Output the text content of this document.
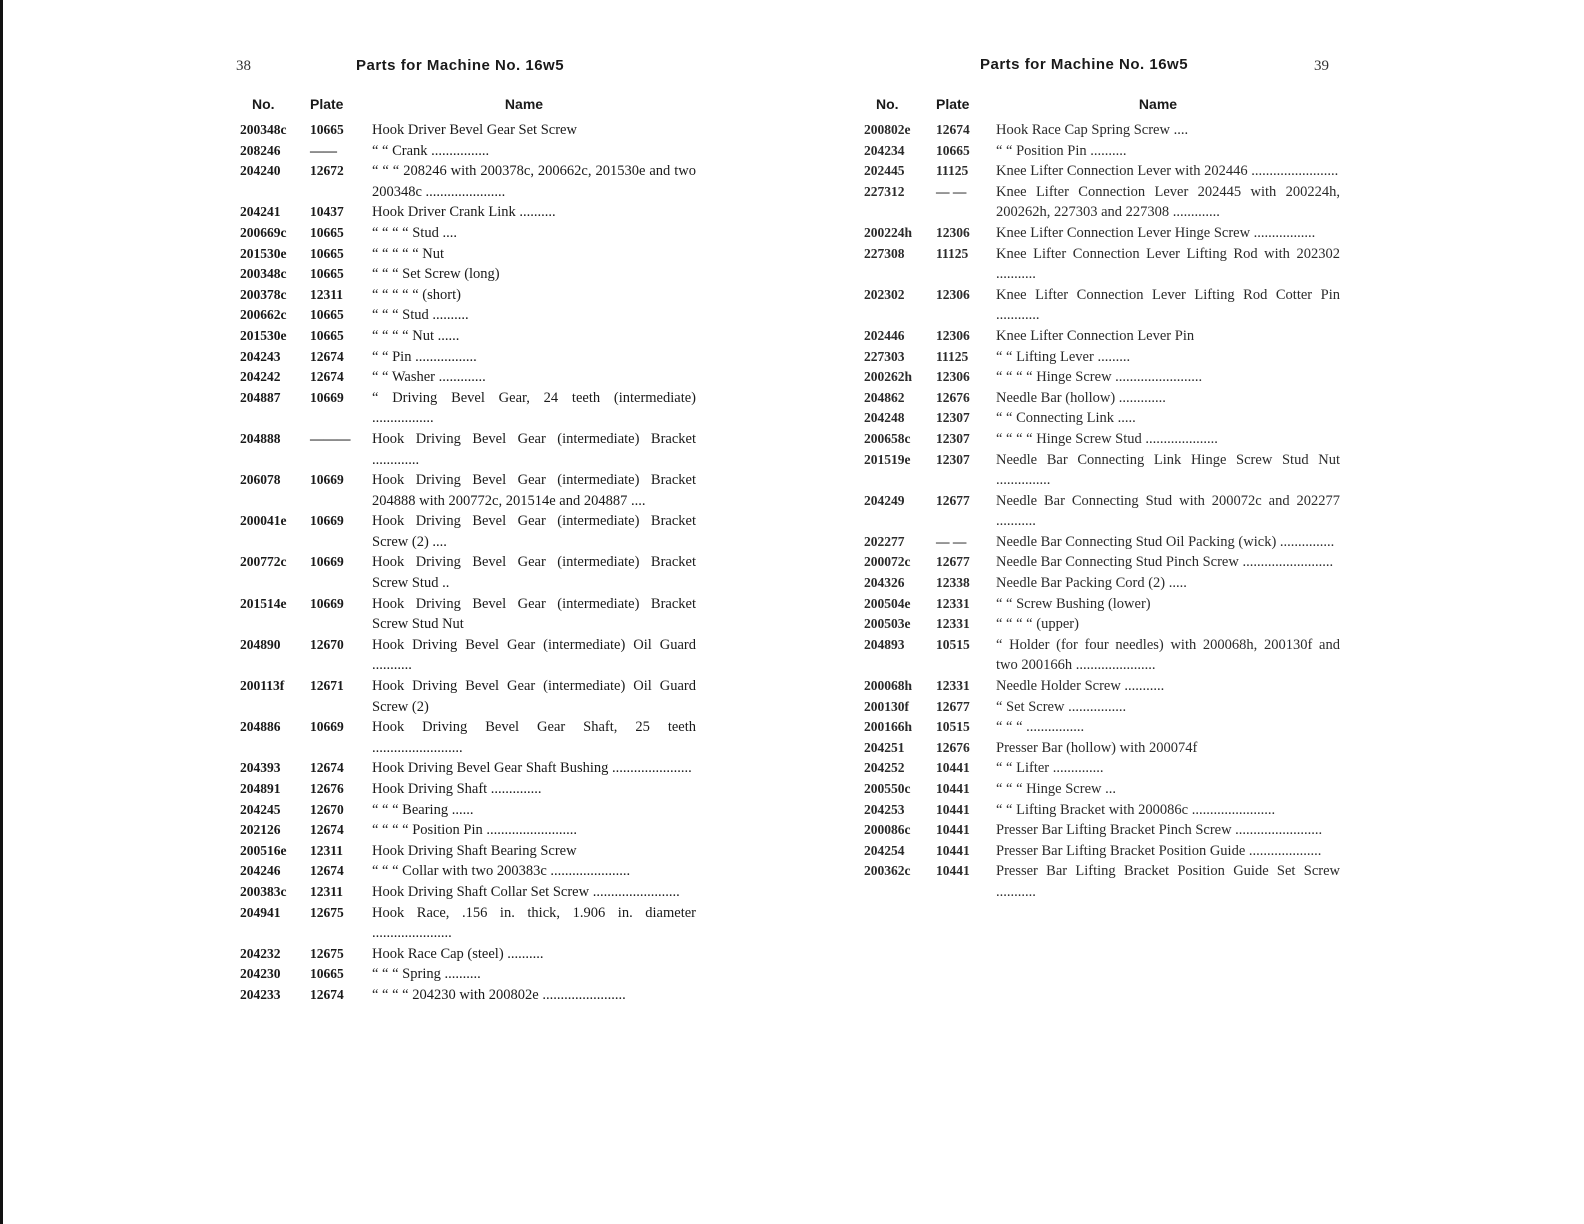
38	Parts for Machine No. 16w5
No.	Plate	Name
200348c	10665	Hook Driver Bevel Gear Set Screw
208246	——	“ “ Crank ................
204240	12672	“ “ “ 208246 with 200378c, 200662c, 201530e and two 200348c ......................
204241	10437	Hook Driver Crank Link ..........
200669c	10665	“ “ “ “ Stud ....
201530e	10665	“ “ “ “ “ Nut
200348c	10665	“ “ “ Set Screw (long)
200378c	12311	“ “ “ “ “ (short)
200662c	10665	“ “ “ Stud ..........
201530e	10665	“ “ “ “ Nut ......
204243	12674	“ “ Pin .................
204242	12674	“ “ Washer .............
204887	10669	“ Driving Bevel Gear, 24 teeth (intermediate) .................
204888	———	Hook Driving Bevel Gear (intermediate) Bracket .............
206078	10669	Hook Driving Bevel Gear (intermediate) Bracket 204888 with 200772c, 201514e and 204887 ....
200041e	10669	Hook Driving Bevel Gear (intermediate) Bracket Screw (2) ....
200772c	10669	Hook Driving Bevel Gear (intermediate) Bracket Screw Stud ..
201514e	10669	Hook Driving Bevel Gear (intermediate) Bracket Screw Stud Nut
204890	12670	Hook Driving Bevel Gear (intermediate) Oil Guard ...........
200113f	12671	Hook Driving Bevel Gear (intermediate) Oil Guard Screw (2)
204886	10669	Hook Driving Bevel Gear Shaft, 25 teeth .........................
204393	12674	Hook Driving Bevel Gear Shaft Bushing ......................
204891	12676	Hook Driving Shaft ..............
204245	12670	“ “ “ Bearing ......
202126	12674	“ “ “ “ Position Pin .........................
200516e	12311	Hook Driving Shaft Bearing Screw
204246	12674	“ “ “ Collar with two 200383c ......................
200383c	12311	Hook Driving Shaft Collar Set Screw ........................
204941	12675	Hook Race, .156 in. thick, 1.906 in. diameter ......................
204232	12675	Hook Race Cap (steel) ..........
204230	10665	“ “ “ Spring ..........
204233	12674	“ “ “ “ 204230 with 200802e .......................
Parts for Machine No. 16w5	39
No.	Plate	Name
200802e	12674	Hook Race Cap Spring Screw ....
204234	10665	“ “ Position Pin ..........
202445	11125	Knee Lifter Connection Lever with 202446 ........................
227312	— —	Knee Lifter Connection Lever 202445 with 200224h, 200262h, 227303 and 227308 .............
200224h	12306	Knee Lifter Connection Lever Hinge Screw .................
227308	11125	Knee Lifter Connection Lever Lifting Rod with 202302 ...........
202302	12306	Knee Lifter Connection Lever Lifting Rod Cotter Pin ............
202446	12306	Knee Lifter Connection Lever Pin
227303	11125	“ “ Lifting Lever .........
200262h	12306	“ “ “ “ Hinge Screw ........................
204862	12676	Needle Bar (hollow) .............
204248	12307	“ “ Connecting Link .....
200658c	12307	“ “ “ “ Hinge Screw Stud ....................
201519e	12307	Needle Bar Connecting Link Hinge Screw Stud Nut ...............
204249	12677	Needle Bar Connecting Stud with 200072c and 202277 ...........
202277	— —	Needle Bar Connecting Stud Oil Packing (wick) ...............
200072c	12677	Needle Bar Connecting Stud Pinch Screw .........................
204326	12338	Needle Bar Packing Cord (2) .....
200504e	12331	“ “ Screw Bushing (lower)
200503e	12331	“ “ “ “ (upper)
204893	10515	“ Holder (for four needles) with 200068h, 200130f and two 200166h ......................
200068h	12331	Needle Holder Screw ...........
200130f	12677	“ Set Screw ................
200166h	10515	“ “ “ ................
204251	12676	Presser Bar (hollow) with 200074f
204252	10441	“ “ Lifter ..............
200550c	10441	“ “ “ Hinge Screw ...
204253	10441	“ “ Lifting Bracket with 200086c .......................
200086c	10441	Presser Bar Lifting Bracket Pinch Screw ........................
204254	10441	Presser Bar Lifting Bracket Position Guide ....................
200362c	10441	Presser Bar Lifting Bracket Position Guide Set Screw ...........
